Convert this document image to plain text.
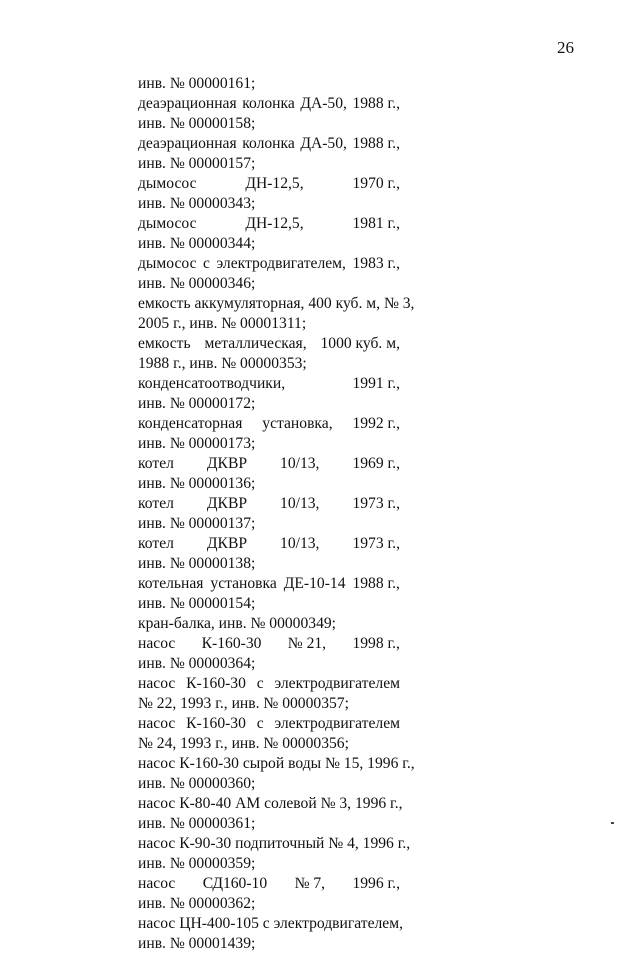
26
инв. № 00000161;
деаэрационная колонка ДА-50, 1988 г.,
инв. № 00000158;
деаэрационная колонка ДА-50, 1988 г.,
инв. № 00000157;
дымосос	ДН-12,5,	1970 г.,
инв. № 00000343;
дымосос	ДН-12,5,	1981 г.,
инв. № 00000344;
дымосос с электродвигателем, 1983 г.,
инв. № 00000346;
емкость аккумуляторная, 400 куб. м, № 3,
2005 г., инв. № 00001311;
емкость металлическая, 1000 куб. м,
1988 г., инв. № 00000353;
конденсатоотводчики,	1991 г.,
инв. № 00000172;
конденсаторная установка, 1992 г.,
инв. № 00000173;
котел ДКВР 10/13, 1969 г.,
инв. № 00000136;
котел ДКВР 10/13, 1973 г.,
инв. № 00000137;
котел ДКВР 10/13, 1973 г.,
инв. № 00000138;
котельная установка ДЕ-10-14 1988 г.,
инв. № 00000154;
кран-балка, инв. № 00000349;
насос К-160-30 № 21, 1998 г.,
инв. № 00000364;
насос К-160-30 с электродвигателем
№ 22, 1993 г., инв. № 00000357;
насос К-160-30 с электродвигателем
№ 24, 1993 г., инв. № 00000356;
насос К-160-30 сырой воды № 15, 1996 г.,
инв. № 00000360;
насос К-80-40 АМ солевой № 3, 1996 г.,
инв. № 00000361;
насос К-90-30 подпиточный № 4, 1996 г.,
инв. № 00000359;
насос СД160-10 № 7, 1996 г.,
инв. № 00000362;
насос ЦН-400-105 с электродвигателем,
инв. № 00001439;
